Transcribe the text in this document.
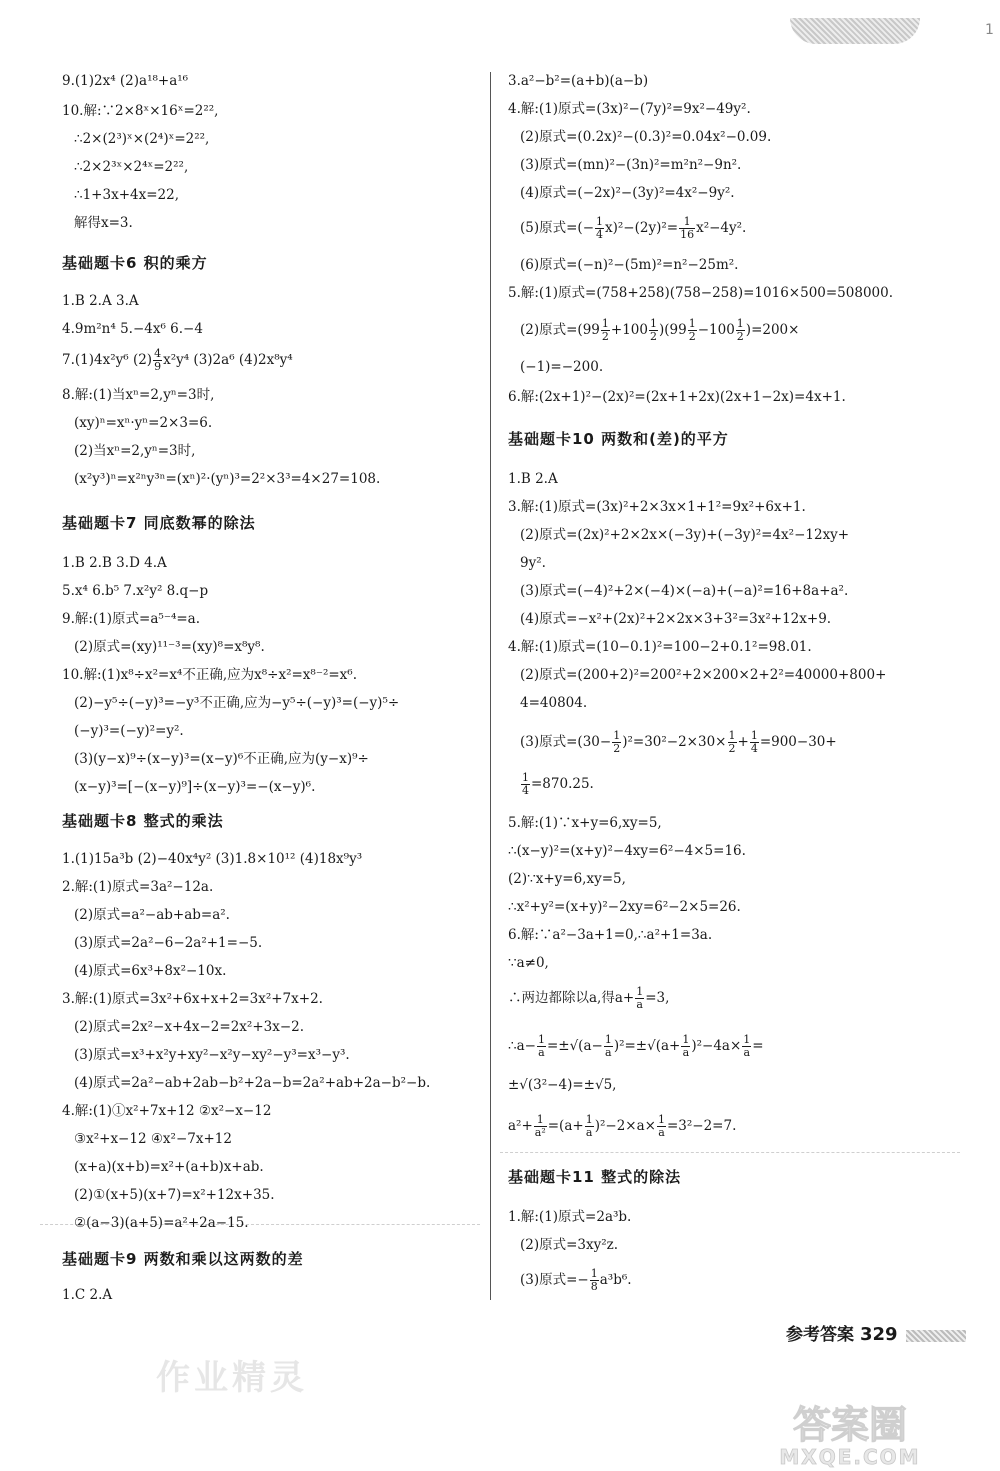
1
9.(1)2x⁴ (2)a¹⁸+a¹⁶
10.解:∵2×8ˣ×16ˣ=2²²,
∴2×(2³)ˣ×(2⁴)ˣ=2²²,
∴2×2³ˣ×2⁴ˣ=2²²,
∴1+3x+4x=22,
解得x=3.
基础题卡6 积的乘方
1.B 2.A 3.A
4.9m²n⁴ 5.−4x⁶ 6.−4
7.(1)4x²y⁶ $(2) \frac{4}{9} x^2y^4$ (3)2a⁶ (4)2x⁸y⁴
8.解:(1)当xⁿ=2,yⁿ=3时,
(xy)ⁿ=xⁿ·yⁿ=2×3=6.
(2)当xⁿ=2,yⁿ=3时,
(x²y³)ⁿ=x²ⁿy³ⁿ=(xⁿ)²·(yⁿ)³=2²×3³=4×27=108.
基础题卡7 同底数幂的除法
1.B 2.B 3.D 4.A
5.x⁴ 6.b⁵ 7.x²y² 8.q−p
9.解:(1)原式=a⁵⁻⁴=a.
(2)原式=(xy)¹¹⁻³=(xy)⁸=x⁸y⁸.
10.解:(1)x⁸÷x²=x⁴不正确,应为x⁸÷x²=x⁸⁻²=x⁶.
(2)−y⁵÷(−y)³=−y³不正确,应为−y⁵÷(−y)³=(−y)⁵÷
(−y)³=(−y)²=y².
(3)(y−x)⁹÷(x−y)³=(x−y)⁶不正确,应为(y−x)⁹÷
(x−y)³=[−(x−y)⁹]÷(x−y)³=−(x−y)⁶.
基础题卡8 整式的乘法
1.(1)15a³b (2)−40x⁴y² (3)1.8×10¹² (4)18x⁹y³
2.解:(1)原式=3a²−12a.
(2)原式=a²−ab+ab=a².
(3)原式=2a²−6−2a²+1=−5.
(4)原式=6x³+8x²−10x.
3.解:(1)原式=3x²+6x+x+2=3x²+7x+2.
(2)原式=2x²−x+4x−2=2x²+3x−2.
(3)原式=x³+x²y+xy²−x²y−xy²−y³=x³−y³.
(4)原式=2a²−ab+2ab−b²+2a−b=2a²+ab+2a−b²−b.
4.解:(1)①x²+7x+12 ②x²−x−12
③x²+x−12 ④x²−7x+12
(x+a)(x+b)=x²+(a+b)x+ab.
(2)①(x+5)(x+7)=x²+12x+35.
②(a−3)(a+5)=a²+2a−15.
基础题卡9 两数和乘以这两数的差
1.C 2.A
3.a²−b²=(a+b)(a−b)
4.解:(1)原式=(3x)²−(7y)²=9x²−49y².
(2)原式=(0.2x)²−(0.3)²=0.04x²−0.09.
(3)原式=(mn)²−(3n)²=m²n²−9n².
(4)原式=(−2x)²−(3y)²=4x²−9y².
(5)原式=(− $\frac{1}{4} x)^2-(2y)^2= \frac{1}{16} x^2-4y^2$.
(6)原式=(−n)²−(5m)²=n²−25m².
5.解:(1)原式=(758+258)(758−258)=1016×500=508000.
(2)原式$=(99 \frac{1}{2} +100 \frac{1}{2} )(99 \frac{1}{2} -100 \frac{1}{2} )=200\times$
(−1)=−200.
6.解:(2x+1)²−(2x)²=(2x+1+2x)(2x+1−2x)=4x+1.
基础题卡10 两数和(差)的平方
1.B 2.A
3.解:(1)原式=(3x)²+2×3x×1+1²=9x²+6x+1.
(2)原式=(2x)²+2×2x×(−3y)+(−3y)²=4x²−12xy+
9y².
(3)原式=(−4)²+2×(−4)×(−a)+(−a)²=16+8a+a².
(4)原式=−x²+(2x)²+2×2x×3+3²=3x²+12x+9.
4.解:(1)原式=(10−0.1)²=100−2+0.1²=98.01.
(2)原式=(200+2)²=200²+2×200×2+2²=40000+800+
4=40804.
(3)原式$=(30- \frac{1}{2} )^2=30^2-2\times 30\times \frac{1}{2} + \frac{1}{4} =900-30+$
$\frac{1}{4} =870.25$.
5.解:(1)∵x+y=6,xy=5,
∴(x−y)²=(x+y)²−4xy=6²−4×5=16.
(2)∵x+y=6,xy=5,
∴x²+y²=(x+y)²−2xy=6²−2×5=26.
6.解:∵a²−3a+1=0,∴a²+1=3a.
∵a≠0,
∴两边都除以a,得$a+ \frac{1}{a} =3$,
∴a− $\frac{1}{a} =\pm√(a- \frac{1}{a} )^2=\pm√(a+ \frac{1}{a} )^2-4a\times \frac{1}{a}$ =
±√(3²−4)=±√5,
$a^2+ \frac{1}{\text{a²}} =(a+ \frac{1}{a} )^2-2\times a\times \frac{1}{a} =3^2-2=7$.
基础题卡11 整式的除法
1.解:(1)原式=2a³b.
(2)原式=3xy²z.
(3)原式=− $\frac{1}{8} a^3b^6$.
参考答案 329
作业精灵
答案圈
MXQE.COM
